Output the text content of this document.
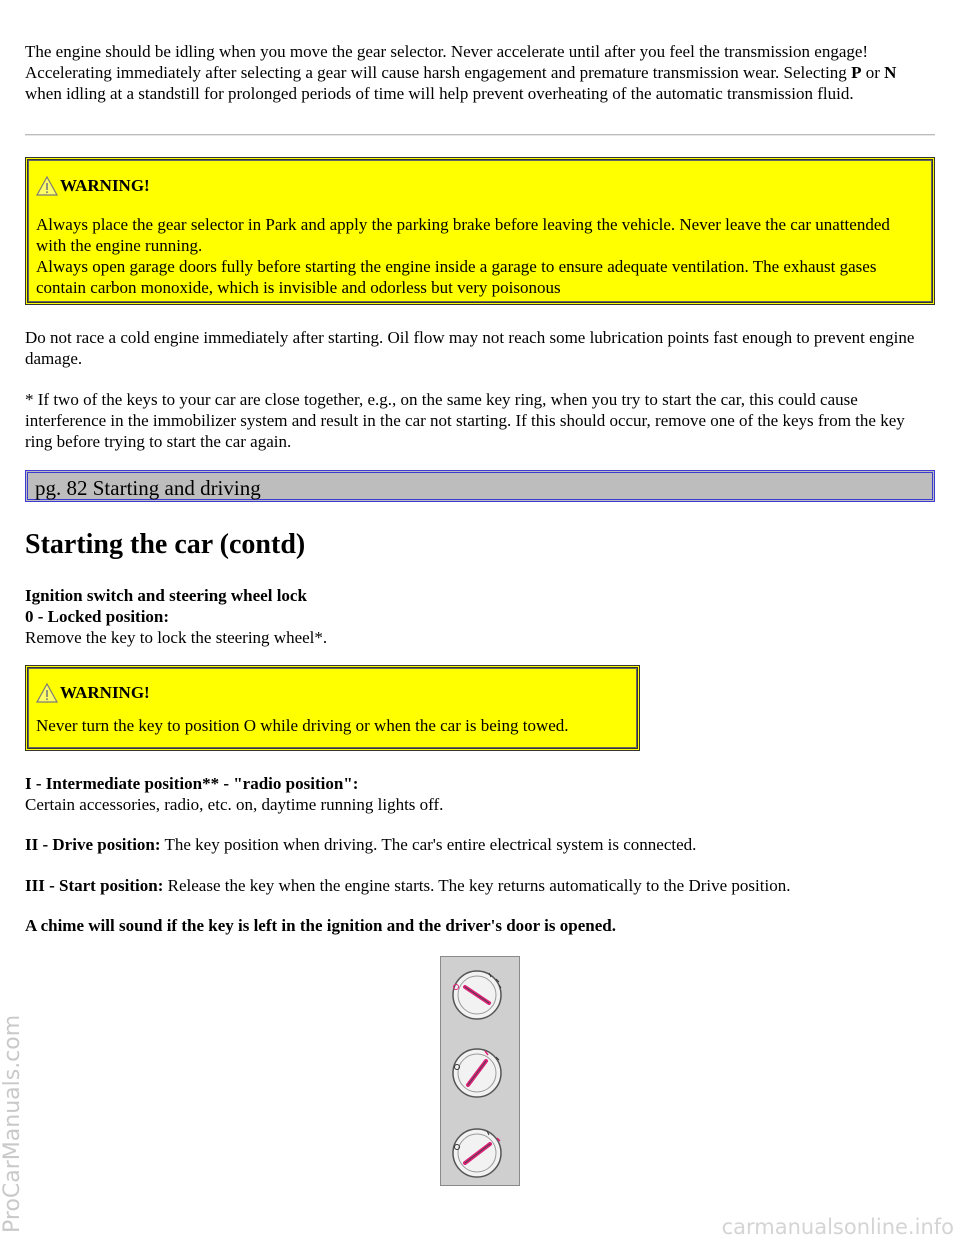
The engine should be idling when you move the gear selector. Never accelerate until after you feel the transmission engage! Accelerating immediately after selecting a gear will cause harsh engagement and premature transmission wear. Selecting P or N when idling at a standstill for prolonged periods of time will help prevent overheating of the automatic transmission fluid.

WARNING!

Always place the gear selector in Park and apply the parking brake before leaving the vehicle. Never leave the car unattended with the engine running.

Always open garage doors fully before starting the engine inside a garage to ensure adequate ventilation. The exhaust gases contain carbon monoxide, which is invisible and odorless but very poisonous

Do not race a cold engine immediately after starting. Oil flow may not reach some lubrication points fast enough to prevent engine damage.

* If two of the keys to your car are close together, e.g., on the same key ring, when you try to start the car, this could cause interference in the immobilizer system and result in the car not starting. If this should occur, remove one of the keys from the key ring before trying to start the car again.

pg. 82 Starting and driving
Starting the car (contd)

Ignition switch and steering wheel lock

0 - Locked position:

Remove the key to lock the steering wheel*.

WARNING!

Never turn the key to position O while driving or when the car is being towed.

I - Intermediate position** - "radio position":

Certain accessories, radio, etc. on, daytime running lights off.

II - Drive position: The key position when driving. The car's entire electrical system is connected.

III - Start position: Release the key when the engine starts. The key returns automatically to the Drive position.

A chime will sound if the key is left in the ignition and the driver's door is opened.

ProCarManuals.com	carmanualsonline.info
